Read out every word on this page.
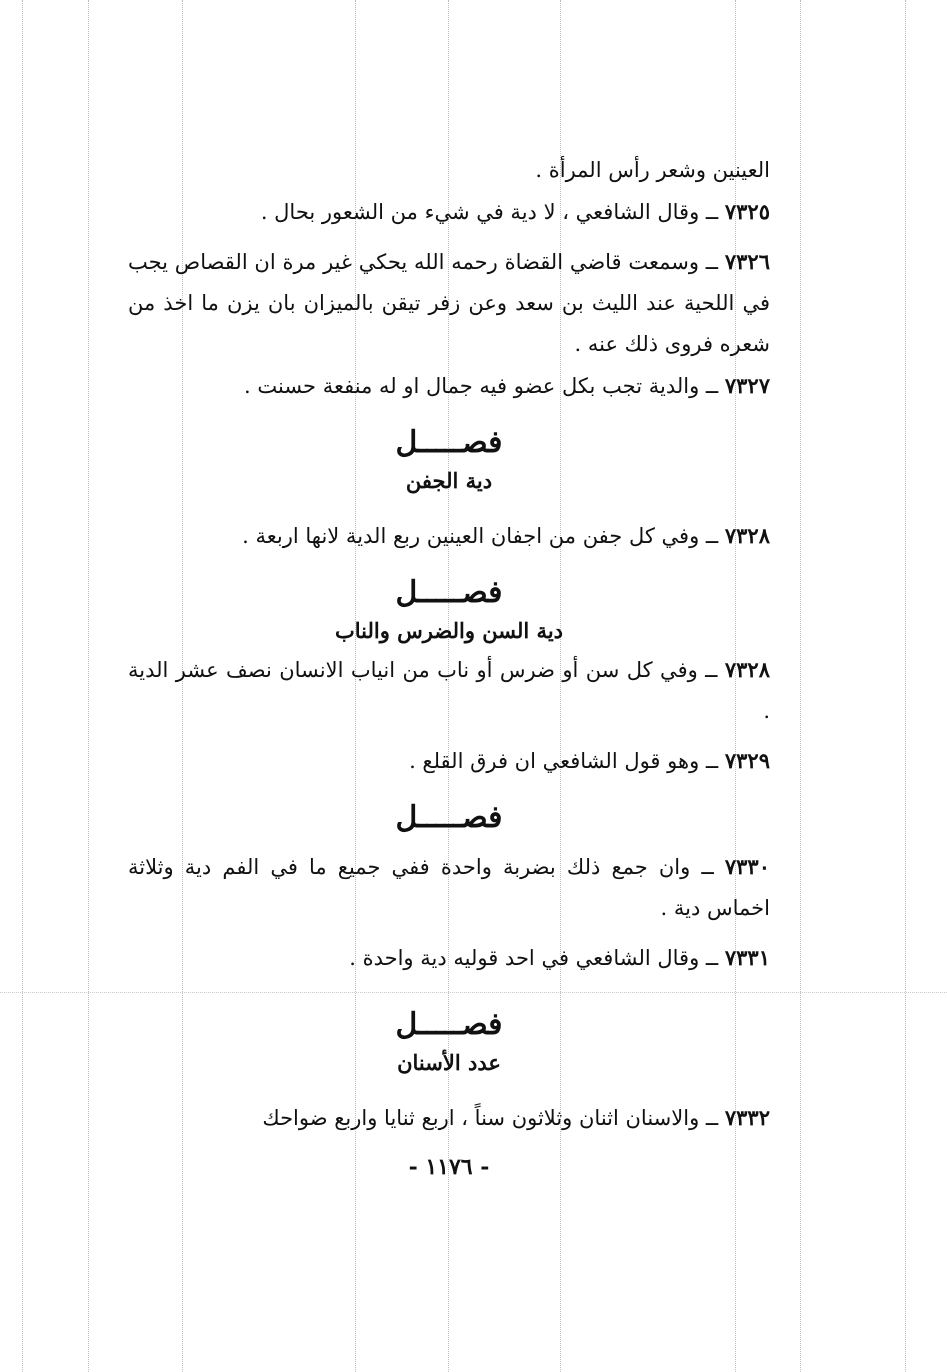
العينين وشعر رأس المرأة .
٧٣٢٥ ــ وقال الشافعي ، لا دية في شيء من الشعور بحال .
٧٣٢٦ ــ وسمعت قاضي القضاة رحمه الله يحكي غير مرة ان القصاص يجب في اللحية عند الليث بن سعد وعن زفر تيقن بالميزان بان يزن ما اخذ من شعره فروى ذلك عنه .
٧٣٢٧ ــ والدية تجب بكل عضو فيه جمال او له منفعة حسنت .
فصـــــل
دية الجفن
٧٣٢٨ ــ وفي كل جفن من اجفان العينين ربع الدية لانها اربعة .
فصـــــل
دية السن والضرس والناب
٧٣٢٨ ــ وفي كل سن أو ضرس أو ناب من انياب الانسان نصف عشر الدية .
٧٣٢٩ ــ وهو قول الشافعي ان فرق القلع .
فصـــــل
٧٣٣٠ ــ وان جمع ذلك بضربة واحدة ففي جميع ما في الفم دية وثلاثة اخماس دية .
٧٣٣١ ــ وقال الشافعي في احد قوليه دية واحدة .
فصـــــل
عدد الأسنان
٧٣٣٢ ــ والاسنان اثنان وثلاثون سناً ، اربع ثنايا واربع ضواحك
- ١١٧٦ -
